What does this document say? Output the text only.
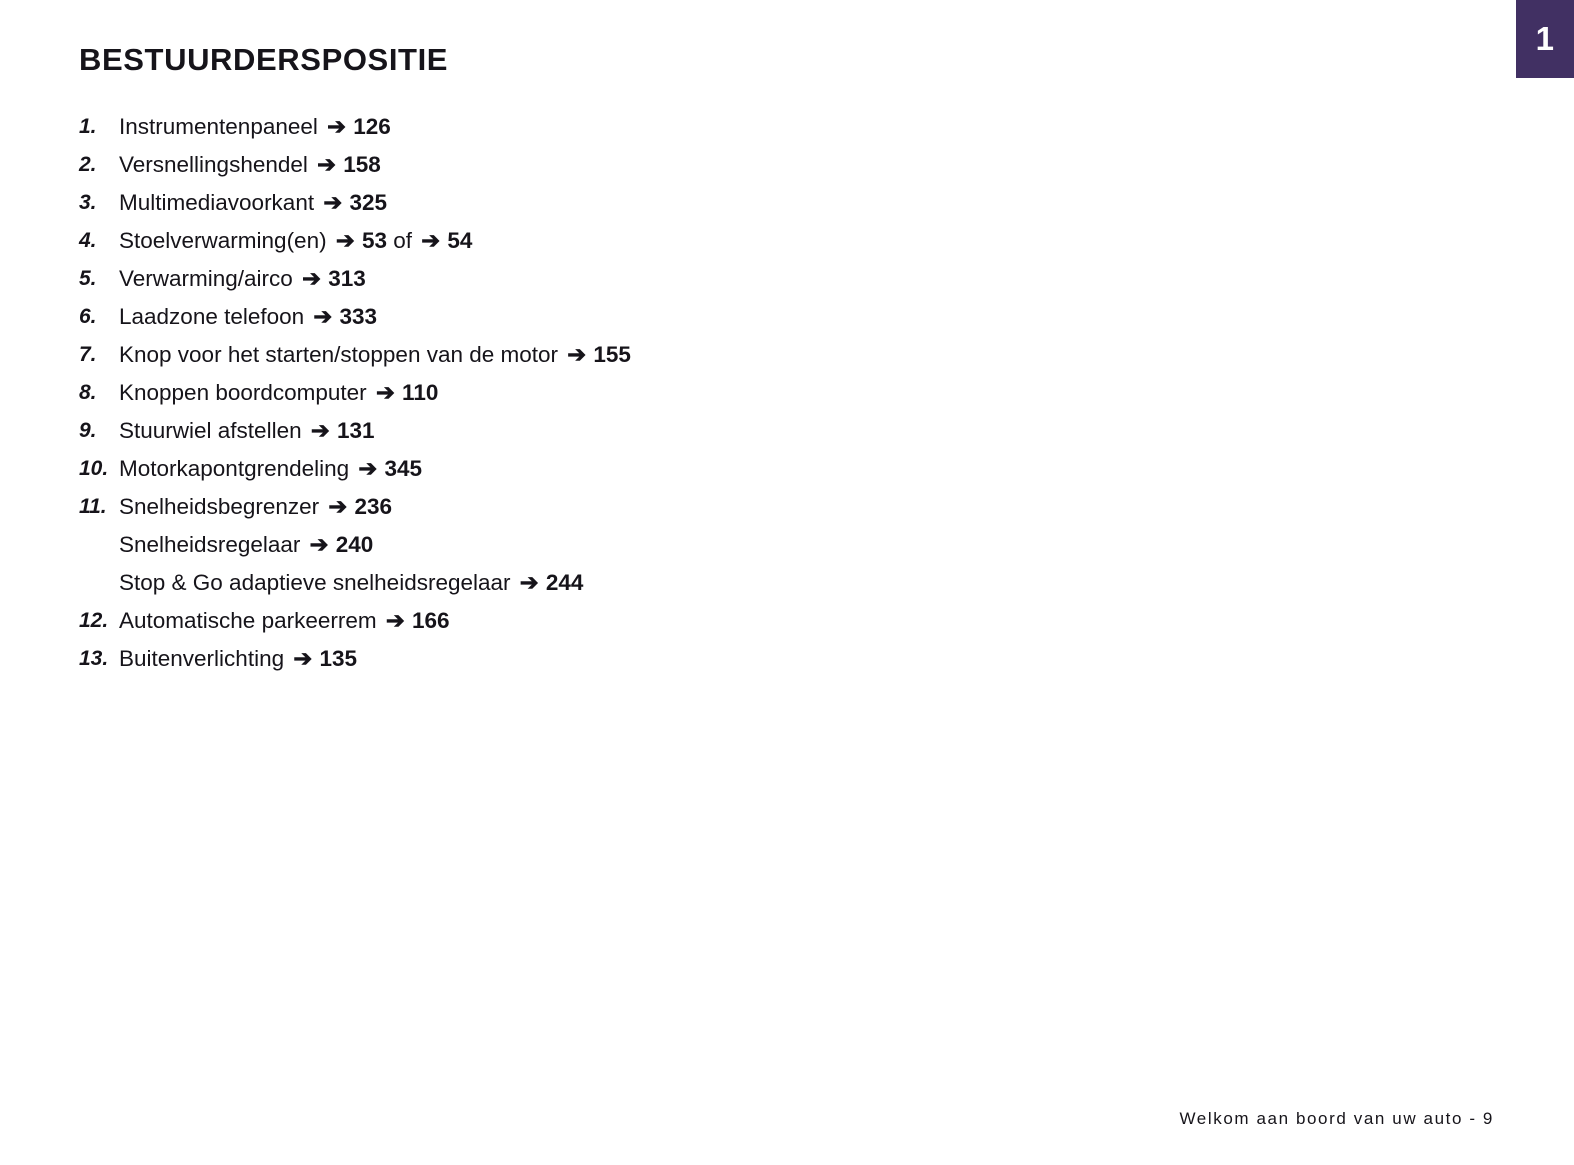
1
BESTUURDERSPOSITIE
1. Instrumentenpaneel ➔ 126
2. Versnellingshendel ➔ 158
3. Multimediavoorkant ➔ 325
4. Stoelverwarming(en) ➔ 53 of ➔ 54
5. Verwarming/airco ➔ 313
6. Laadzone telefoon ➔ 333
7. Knop voor het starten/stoppen van de motor ➔ 155
8. Knoppen boordcomputer ➔ 110
9. Stuurwiel afstellen ➔ 131
10. Motorkapontgrendeling ➔ 345
11. Snelheidsbegrenzer ➔ 236
Snelheidsregelaar ➔ 240
Stop & Go adaptieve snelheidsregelaar ➔ 244
12. Automatische parkeerrem ➔ 166
13. Buitenverlichting ➔ 135
Welkom aan boord van uw auto - 9
